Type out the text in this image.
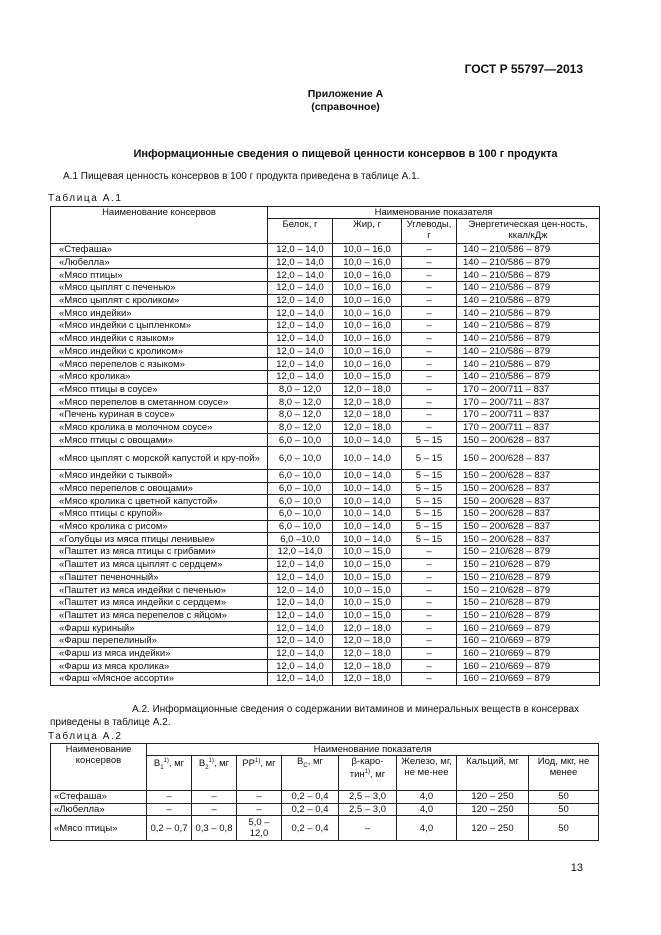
ГОСТ Р 55797—2013
Приложение А
(справочное)
Информационные сведения о пищевой ценности консервов в 100 г продукта
А.1 Пищевая ценность консервов в 100 г продукта приведена в таблице А.1.
Таблица А.1
Наименование консервов	Наименование показателя			
	Белок, г	Жир, г	Углеводы, г	Энергетическая цен-ность, ккал/кДж
«Стефаша»	12,0 – 14,0	10,0 – 16,0	–	140 – 210/586 – 879
«Любелла»	12,0 – 14,0	10,0 – 16,0	–	140 – 210/586 – 879
«Мясо птицы»	12,0 – 14,0	10,0 – 16,0	–	140 – 210/586 – 879
«Мясо цыплят с печенью»	12,0 – 14,0	10,0 – 16,0	–	140 – 210/586 – 879
«Мясо цыплят с кроликом»	12,0 – 14,0	10,0 – 16,0	–	140 – 210/586 – 879
«Мясо индейки»	12,0 – 14,0	10,0 – 16,0	–	140 – 210/586 – 879
«Мясо индейки с цыпленком»	12,0 – 14,0	10,0 – 16,0	–	140 – 210/586 – 879
«Мясо индейки с языком»	12,0 – 14,0	10,0 – 16,0	–	140 – 210/586 – 879
«Мясо индейки с кроликом»	12,0 – 14,0	10,0 – 16,0	–	140 – 210/586 – 879
«Мясо перепелов с языком»	12,0 – 14,0	10,0 – 16,0	–	140 – 210/586 – 879
«Мясо кролика»	12,0 – 14,0	10,0 – 15,0	–	140 – 210/586 – 879
«Мясо птицы в соусе»	8,0 – 12,0	12,0 – 18,0	–	170 – 200/711 – 837
«Мясо перепелов в сметанном соусе»	8,0 – 12,0	12,0 – 18,0	–	170 – 200/711 – 837
«Печень куриная в соусе»	8,0 – 12,0	12,0 – 18,0	–	170 – 200/711 – 837
«Мясо кролика в молочном соусе»	8,0 – 12,0	12,0 – 18,0	–	170 – 200/711 – 837
«Мясо птицы с овощами»	6,0 – 10,0	10,0 – 14,0	5 – 15	150 – 200/628 – 837
«Мясо цыплят с морской капустой и кру-пой»	6,0 – 10,0	10,0 – 14,0	5 – 15	150 – 200/628 – 837
«Мясо индейки с тыквой»	6,0 – 10,0	10,0 – 14,0	5 – 15	150 – 200/628 – 837
«Мясо перепелов с овощами»	6,0 – 10,0	10,0 – 14,0	5 – 15	150 – 200/628 – 837
«Мясо кролика с цветной капустой»	6,0 – 10,0	10,0 – 14,0	5 – 15	150 – 200/628 – 837
«Мясо птицы с крупой»	6,0 – 10,0	10,0 – 14,0	5 – 15	150 – 200/628 – 837
«Мясо кролика с рисом»	6,0 – 10,0	10,0 – 14,0	5 – 15	150 – 200/628 – 837
«Голубцы из мяса птицы ленивые»	6,0 –10,0	10,0 – 14,0	5 – 15	150 – 200/628 – 837
«Паштет из мяса птицы с грибами»	12,0 –14,0	10,0 – 15,0	–	150 – 210/628 – 879
«Паштет из мяса цыплят с сердцем»	12,0 – 14,0	10,0 – 15,0	–	150 – 210/628 – 879
«Паштет печеночный»	12,0 – 14,0	10,0 – 15,0	–	150 – 210/628 – 879
«Паштет из мяса индейки с печенью»	12,0 – 14,0	10,0 – 15,0	–	150 – 210/628 – 879
«Паштет из мяса индейки с сердцем»	12,0 – 14,0	10,0 – 15,0	–	150 – 210/628 – 879
«Паштет из мяса перепелов с яйцом»	12,0 – 14,0	10,0 – 15,0	–	150 – 210/628 – 879
«Фарш куриный»	12,0 – 14,0	12,0 – 18,0	–	160 – 210/669 – 879
«Фарш перепелиный»	12,0 – 14,0	12,0 – 18,0	–	160 – 210/669 – 879
«Фарш из мяса индейки»	12,0 – 14,0	12,0 – 18,0	–	160 – 210/669 – 879
«Фарш из мяса кролика»	12,0 – 14,0	12,0 – 18,0	–	160 – 210/669 – 879
«Фарш «Мясное ассорти»	12,0 – 14,0	12,0 – 18,0	–	160 – 210/669 – 879
А.2. Информационные сведения о содержании витаминов и минеральных веществ в консервах приведены в таблице А.2.
Таблица А.2
Наименование консервов	Наименование показателя							
	$B_1^{1)}$, мг	$B_2^{1)}$, мг	PP$^{1)}$, мг	$B_C$, мг	β-каро-тин$^{1)}$, мг	Железо, мг, не ме-нее	Кальций, мг	Иод, мкг, не менее
«Стефаша»	–	–	–	0,2 – 0,4	2,5 – 3,0	4,0	120 – 250	50
«Любелла»	–	–	–	0,2 – 0,4	2,5 – 3,0	4,0	120 – 250	50
«Мясо птицы»	0,2 – 0,7	0,3 – 0,8	5,0 – 12,0	0,2 – 0,4	–	4,0	120 – 250	50
13
